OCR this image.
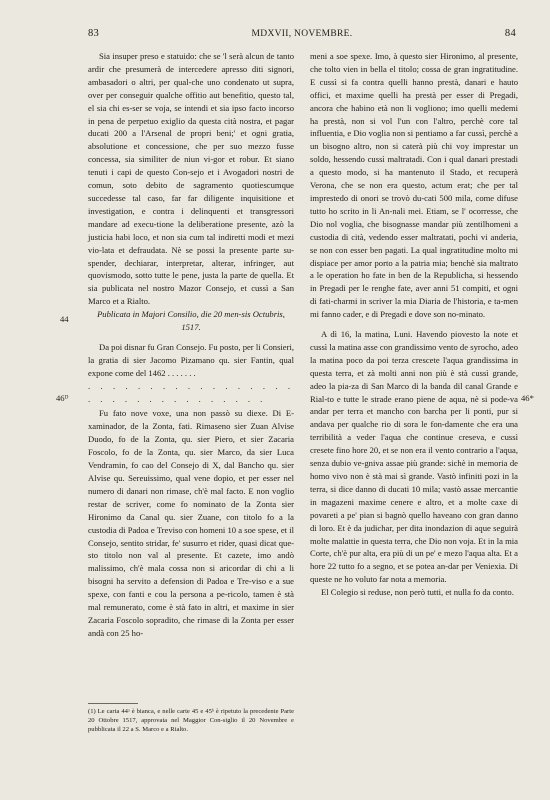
83	MDXVII, NOVEMBRE.	84

Sia insuper preso e statuido: che se 'l serà alcun de tanto ardir che presumerà de intercedere apresso diti signori, ambasadori o altri, per qual-che uno condenato ut supra, over per conseguir qualche offitio aut benefitio, questo tal, el sia chi es-ser se voja, se intendi et sia ipso facto incorso in pena de perpetuo exiglio da questa cità nostra, et pagar ducati 200 a l'Arsenal de propri beni;' et ogni gratia, absolutione et concessione, che per suo mezzo fusse concessa, sia similiter de niun vi-gor et robur. Et siano tenuti i capi de questo Con-sejo et i Avogadori nostri de comun, soto debito de sagramento quotiescumque succedesse tal caso, far far diligente inquisitione et investigation, e contra i delinquenti et transgressori mandare ad execu-tione la deliberatione presente, azò la justicia habi loco, et non sia cum tal indiretti modi et mezi vio-lata et defraudata. Nè se possi la presente parte su-spender, dechiarar, interpretar, alterar, infringer, aut quovismodo, sotto tutte le pene, justa la parte de quella. Et sia publicata nel nostro Mazor Consejo, et cussì a San Marco et a Rialto.

Publicata in Majori Consilio, die 20 men-sis Octubris, 1517.

Da poi disnar fu Gran Consejo. Fu posto, per li Consieri, la gratia di sier Jacomo Pizamano qu. sier Fantin, qual expone come del 1462 . . . . . . .

. . . . . . . . . . . . . . . . . . . . . . . . . . . . . . . .

Fu fato nove voxe, una non passò su diexe. Di E-xaminador, de la Zonta, fati. Rimaseno sier Zuan Alvise Duodo, fo de la Zonta, qu. sier Piero, et sier Zacaria Foscolo, fo de la Zonta, qu. sier Marco, da sier Luca Vendramin, fo cao del Consejo di X, dal Bancho qu. sier Alvise qu. Sereuissimo, qual vene dopio, et per esser nel numero di danari non rimase, ch'è mal facto. E non voglio restar de scriver, come fo nominato de la Zonta sier Hironimo da Canal qu. sier Zuane, con titolo fo a la custodia di Padoa e Treviso con homeni 10 a soe spese, et il Consejo, sentito stridar, fe' susurro et rider, quasi dicat que-sto titolo non val al presente. Et cazete, imo andò malissimo, ch'è mala cossa non si aricordar di chi a li bisogni ha servito a defension di Padoa e Tre-viso e a sue spexe, con fanti e cou la persona a pe-ricolo, tamen è stà mal remunerato, come è stà fato in altri, et maxime in sier Zacaria Foscolo sopradito, che rimase di la Zonta per esser andà con 25 ho-

meni a soe spexe. Imo, à questo sier Hironimo, al presente, che tolto vien in bella el titolo; cossa de gran ingratitudine. E cussì si fa contra quelli hanno prestà, danari e hauto offici, et maxime quelli ha prestà per esser di Pregadi, ancora che habino età non li vogliono; imo quelli medemi ha prestà, non si vol l'un con l'altro, perchè core tal influentia, e Dio voglia non si pentiamo a far cussì, perchè a un bisogno altro, non si caterà più chi voy imprestar un soldo, hessendo cussì maltratadi. Con i qual danari prestadi a questo modo, si ha mantenuto il Stado, et recuperà Verona, che se non era questo, actum erat; che per tal imprestedo di onori se trovò du-cati 500 mila, come difuse tutto ho scrito in li An-nali mei. Etiam, se l' ocorresse, che Dio nol voglia, che bisognasse mandar più zentilhomeni a custodia di cità, vedendo esser maltratati, pochi vi anderia, se non con esser ben pagati. La qual ingratitudine molto mi dispiace per amor porto a la patria mia; benchè sia maltrato a le operation ho fate in ben de la Republicha, si hessendo in Pregadi per le renghe fate, aver anni 51 compiti, et ogni di fati-charmi in scriver la mia Diaria de l'historia, e ta-men mi fanno cader, e di Pregadi e dove son no-minato.

A dì 16, la matina, Luni. Havendo piovesto la note et cussì la matina asse con grandissimo vento de syrocho, adeo la matina poco da poi terza crescete l'aqua grandissima in questa terra, et zà molti anni non più è stà cussì grande, adeo la pia-za di San Marco di la banda dil canal Grande e Rial-to e tutte le strade erano piene de aqua, nè si pode-va andar per terra et mancho con barcha per li ponti, pur si andava per qualche rio di sora le fon-damente che era una terribilità a veder l'aqua che continue creseva, e cussì cresete fino hore 20, et se non era il vento contrario a l'aqua, senza dubio ve-gniva assae più grande: sichè in memoria de homo vivo non è stà mai sì grande. Vastò infiniti pozi in la terra, si dice danno di ducati 10 mila; vastò assae mercantie in magazeni maxime cenere e altro, et a molte caxe di povareti a pe' pian si bagnò quello haveano con gran danno di loro. Et è da judichar, per dita inondazion di aque seguirà molte malattie in questa terra, che Dio non voja. Et in la mia Corte, ch'è pur alta, era più di un pe' e mezo l'aqua alta. Et a hore 22 tutto fo a segno, et se potea an-dar per Veniexia. Di queste ne ho voluto far nota a memoria.

El Colegio si reduse, non però tutti, et nulla fo da conto.

44
46ᴰ	46*
(1) Le carta 44ᵃ è bianca, e nelle carte 45 e 45ᵇ è ripetuto la precedente Parte 20 Ottobre 1517, approvata nel Maggior Con-siglio il 20 Novembre e pubblicata il 22 a S. Marco e a Rialto.
